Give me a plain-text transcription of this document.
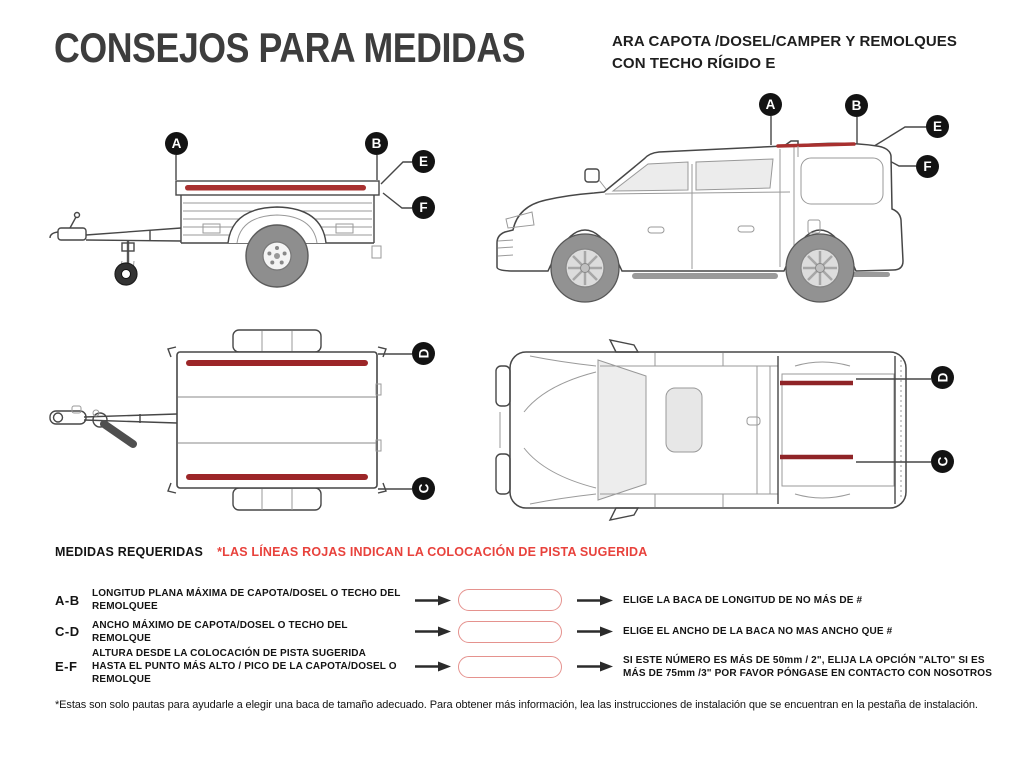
CONSEJOS PARA MEDIDAS	ARA CAPOTA /DOSEL/CAMPER Y REMOLQUES
CON TECHO RÍGIDO E
A	B
E
F
A	B
E
F
D
C
D
C
MEDIDAS REQUERIDAS *LAS LÍNEAS ROJAS INDICAN LA COLOCACIÓN DE PISTA SUGERIDA
A-B	LONGITUD PLANA MÁXIMA DE CAPOTA/DOSEL O TECHO DEL REMOLQUEE
ELIGE LA BACA DE LONGITUD DE NO MÁS DE #
C-D	ANCHO MÁXIMO DE CAPOTA/DOSEL O TECHO DEL REMOLQUE
ELIGE EL ANCHO DE LA BACA NO MAS ANCHO QUE #
E-F
ALTURA DESDE LA COLOCACIÓN DE PISTA SUGERIDA HASTA EL PUNTO MÁS ALTO / PICO DE LA CAPOTA/DOSEL O REMOLQUE
SI ESTE NÚMERO ES MÁS DE 50mm / 2", ELIJA LA OPCIÓN "ALTO" SI ES MÁS DE 75mm /3" POR FAVOR PÓNGASE EN CONTACTO CON NOSOTROS
*Estas son solo pautas para ayudarle a elegir una baca de tamaño adecuado. Para obtener más información, lea las instrucciones de instalación que se encuentran en la pestaña de instalación.
